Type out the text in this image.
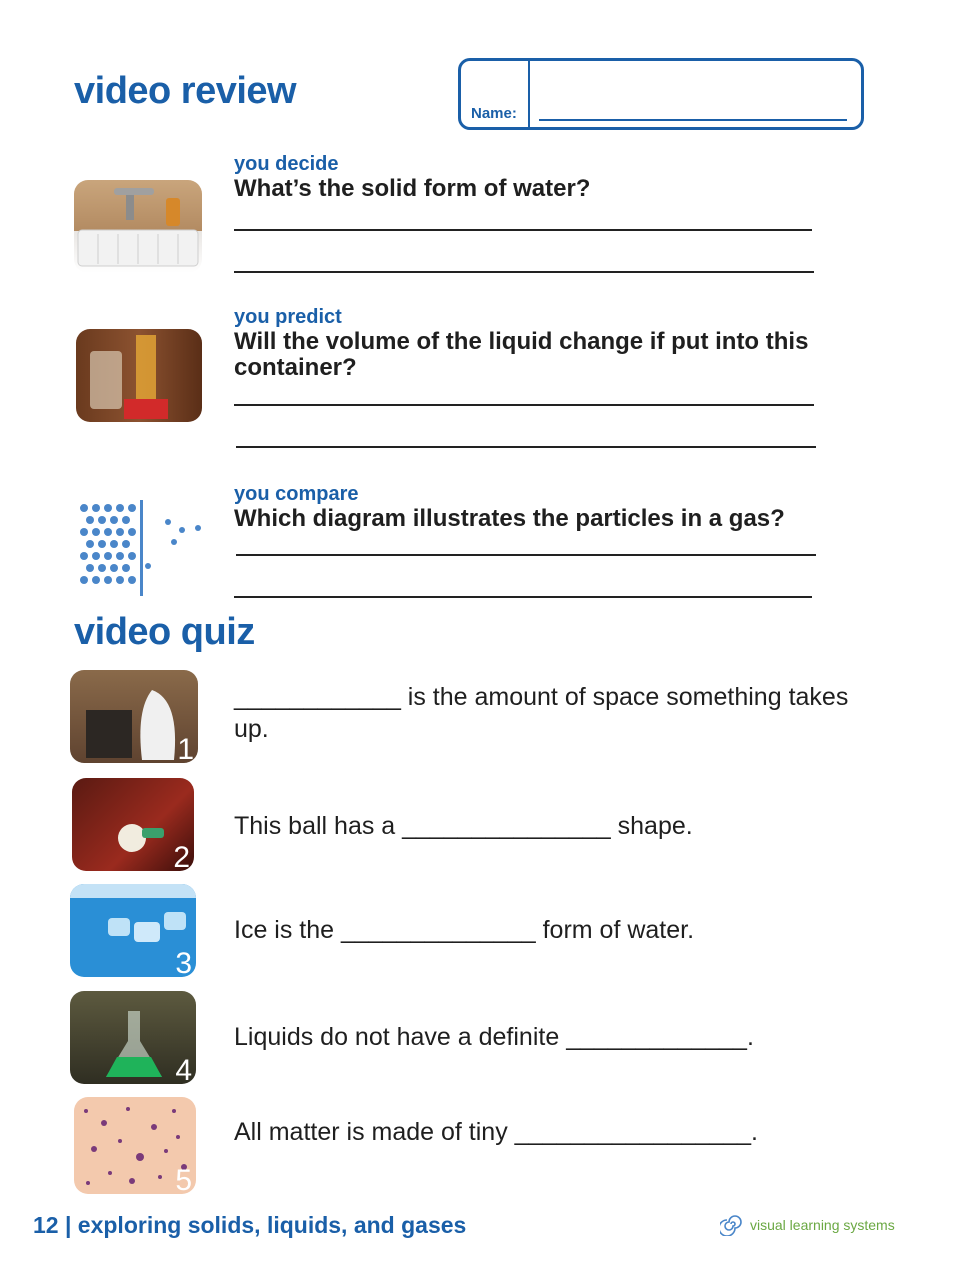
video review
Name:
you decide
What’s the solid form of water?
you predict
Will the volume of the liquid change if put into this container?
you compare
Which diagram illustrates the particles in a gas?
video quiz
1
____________ is the amount of space something takes up.
2
This ball has a _______________ shape.
3
Ice is the ______________ form of water.
4
Liquids do not have a definite _____________.
5
All matter is made of tiny _________________.
12 | exploring solids, liquids, and gases	visual learning systems
